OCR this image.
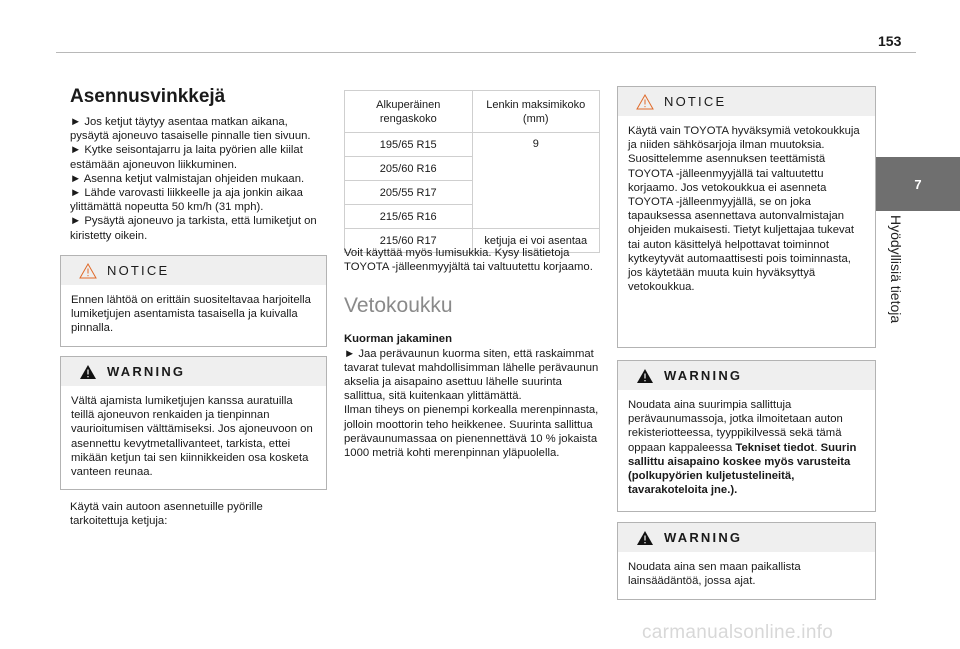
153
7
Hyödyllisiä tietoja
Asennusvinkkejä

► Jos ketjut täytyy asentaa matkan aikana, pysäytä ajoneuvo tasaiselle pinnalle tien sivuun.

► Kytke seisontajarru ja laita pyörien alle kiilat estämään ajoneuvon liikkuminen.

► Asenna ketjut valmistajan ohjeiden mukaan.

► Lähde varovasti liikkeelle ja aja jonkin aikaa ylittämättä nopeutta 50 km/h (31 mph).

► Pysäytä ajoneuvo ja tarkista, että lumiketjut on kiristetty oikein.

NOTICE
Ennen lähtöä on erittäin suositeltavaa harjoitella lumiketjujen asentamista tasaisella ja kuivalla pinnalla.
WARNING
Vältä ajamista lumiketjujen kanssa auratuilla teillä ajoneuvon renkaiden ja tienpinnan vaurioitumisen välttämiseksi. Jos ajoneuvoon on asennettu kevytmetallivanteet, tarkista, ettei mikään ketjun tai sen kiinnikkeiden osa kosketa vanteen reunaa.

Käytä vain autoon asennetuille pyörille tarkoitettuja ketjuja:

Alkuperäinen rengaskoko	Lenkin maksimikoko (mm)
195/65 R15	9
205/60 R16	
205/55 R17	
215/65 R16	
215/60 R17	ketjuja ei voi asentaa

Voit käyttää myös lumisukkia. Kysy lisätietoja TOYOTA -jälleenmyyjältä tai valtuutettu korjaamo.

Vetokoukku

Kuorman jakaminen

► Jaa perävaunun kuorma siten, että raskaimmat tavarat tulevat mahdollisimman lähelle perävaunun akselia ja aisapaino asettuu lähelle suurinta sallittua, sitä kuitenkaan ylittämättä.

Ilman tiheys on pienempi korkealla merenpinnasta, jolloin moottorin teho heikkenee. Suurinta sallittua perävaunumassaa on pienennettävä 10 % jokaista 1000 metriä kohti merenpinnan yläpuolella.

NOTICE
Käytä vain TOYOTA hyväksymiä vetokoukkuja ja niiden sähkösarjoja ilman muutoksia. Suosittelemme asennuksen teettämistä TOYOTA -jälleenmyyjällä tai valtuutettu korjaamo. Jos vetokoukkua ei asenneta TOYOTA -jälleenmyyjällä, se on joka tapauksessa asennettava autonvalmistajan ohjeiden mukaisesti. Tietyt kuljettajaa tukevat tai auton käsittelyä helpottavat toiminnot kytkeytyvät automaattisesti pois toiminnasta, jos käytetään muuta kuin hyväksyttyä vetokoukkua.
WARNING
Noudata aina suurimpia sallittuja perävaunumassoja, jotka ilmoitetaan auton rekisteriotteessa, tyyppikilvessä sekä tämä oppaan kappaleessa Tekniset tiedot. Suurin sallittu aisapaino koskee myös varusteita (polkupyörien kuljetustelineitä, tavarakoteloita jne.).
WARNING
Noudata aina sen maan paikallista lainsäädäntöä, jossa ajat.
carmanualsonline.info
